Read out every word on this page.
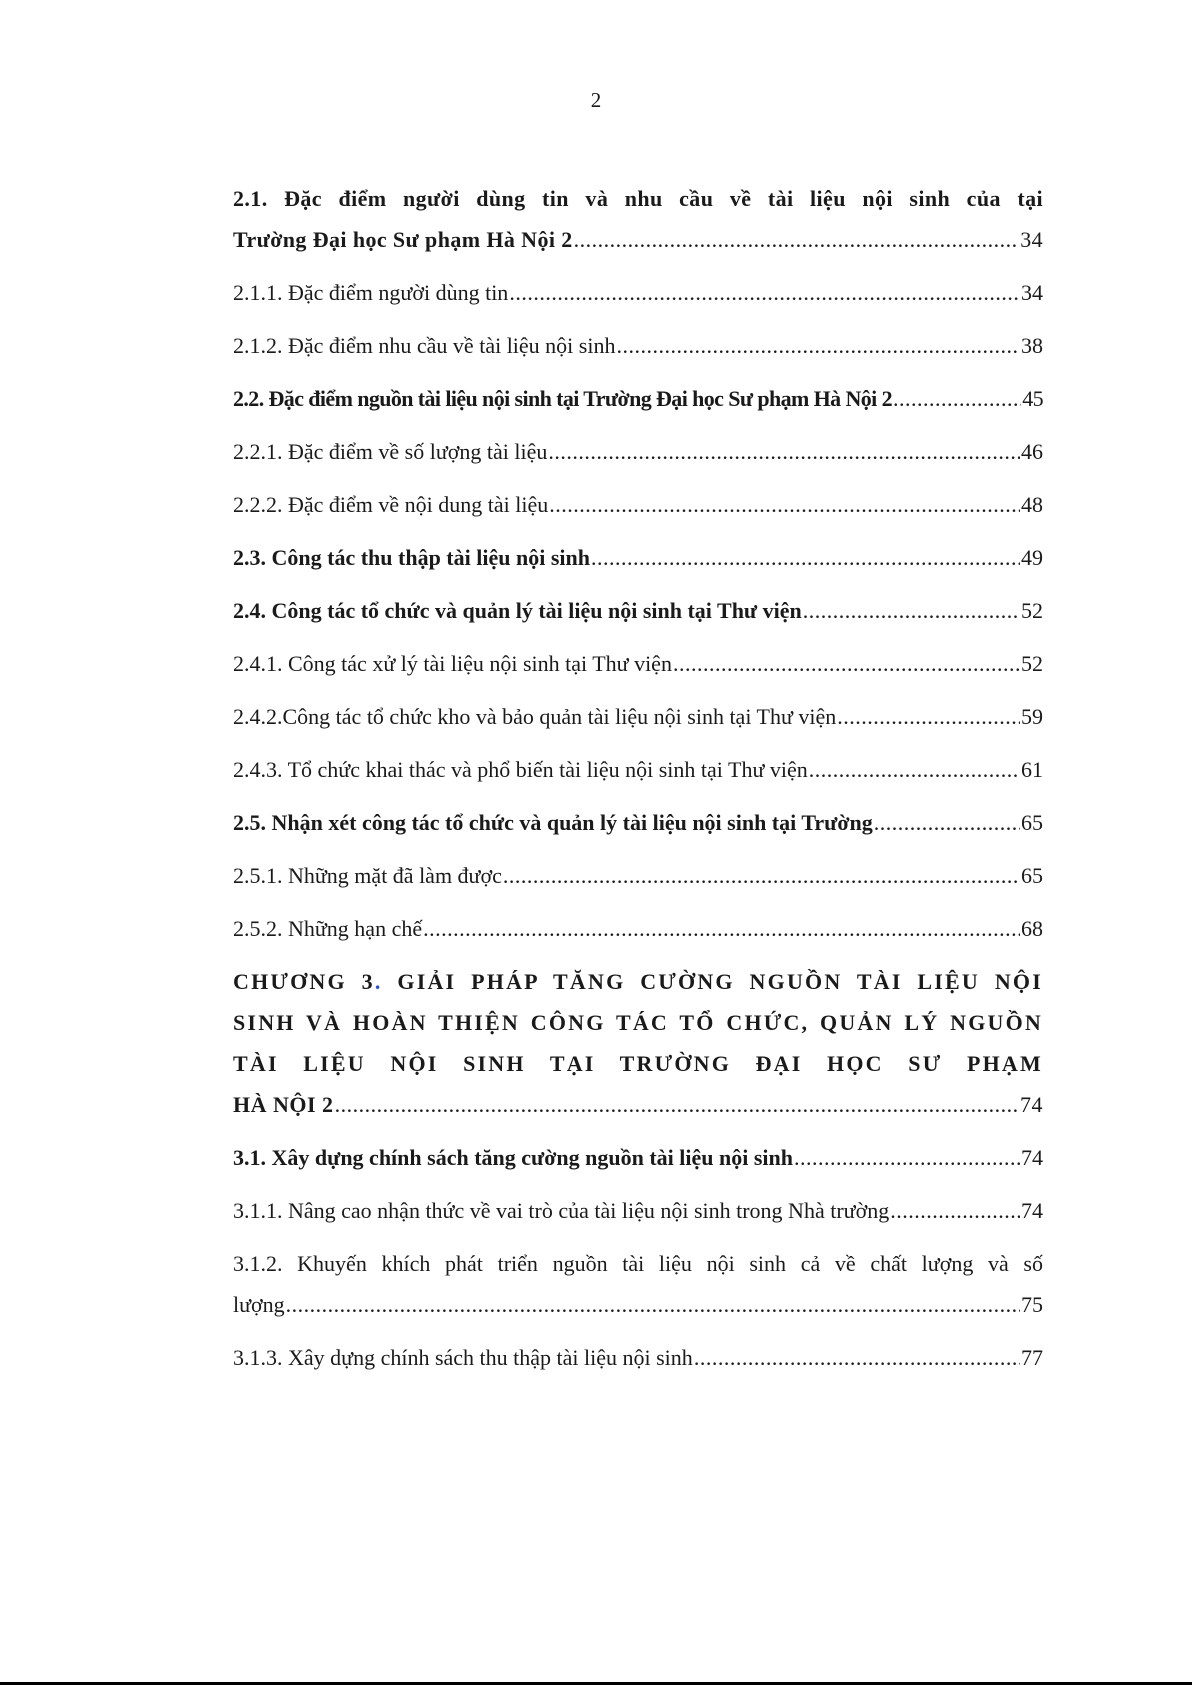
2
2.1. Đặc điểm người dùng tin và nhu cầu về tài liệu nội sinh của tại
Trường Đại học Sư phạm Hà Nội 2 .....	34
2.1.1. Đặc điểm người dùng tin .....	34
2.1.2. Đặc điểm nhu cầu về tài liệu nội sinh .....	38
2.2. Đặc điểm nguồn tài liệu nội sinh tại Trường Đại học Sư phạm Hà Nội 2 .....	45
2.2.1. Đặc điểm về số lượng tài liệu .....	46
2.2.2. Đặc điểm về nội dung tài liệu .....	48
2.3. Công tác thu thập tài liệu nội sinh .....	49
2.4. Công tác tổ chức và quản lý tài liệu nội sinh tại Thư viện .....	52
2.4.1. Công tác xử lý tài liệu nội sinh tại Thư viện .....	52
2.4.2.Công tác tổ chức kho và bảo quản tài liệu nội sinh tại Thư viện .....	59
2.4.3. Tổ chức khai thác và phổ biến tài liệu nội sinh tại Thư viện .....	61
2.5. Nhận xét công tác tổ chức và quản lý tài liệu nội sinh tại Trường .....	65
2.5.1. Những mặt đã làm được .....	65
2.5.2. Những hạn chế .....	68
CHƯƠNG 3. GIẢI PHÁP TĂNG CƯỜNG NGUỒN TÀI LIỆU NỘI
SINH VÀ HOÀN THIỆN CÔNG TÁC TỔ CHỨC, QUẢN LÝ NGUỒN
TÀI LIỆU NỘI SINH TẠI TRƯỜNG ĐẠI HỌC SƯ PHẠM
HÀ NỘI 2 .....	74
3.1. Xây dựng chính sách tăng cường nguồn tài liệu nội sinh .....	74
3.1.1. Nâng cao nhận thức về vai trò của tài liệu nội sinh trong Nhà trường .....	74
3.1.2. Khuyến khích phát triển nguồn tài liệu nội sinh cả về chất lượng và số
lượng .....	75
3.1.3. Xây dựng chính sách thu thập tài liệu nội sinh .....	77
